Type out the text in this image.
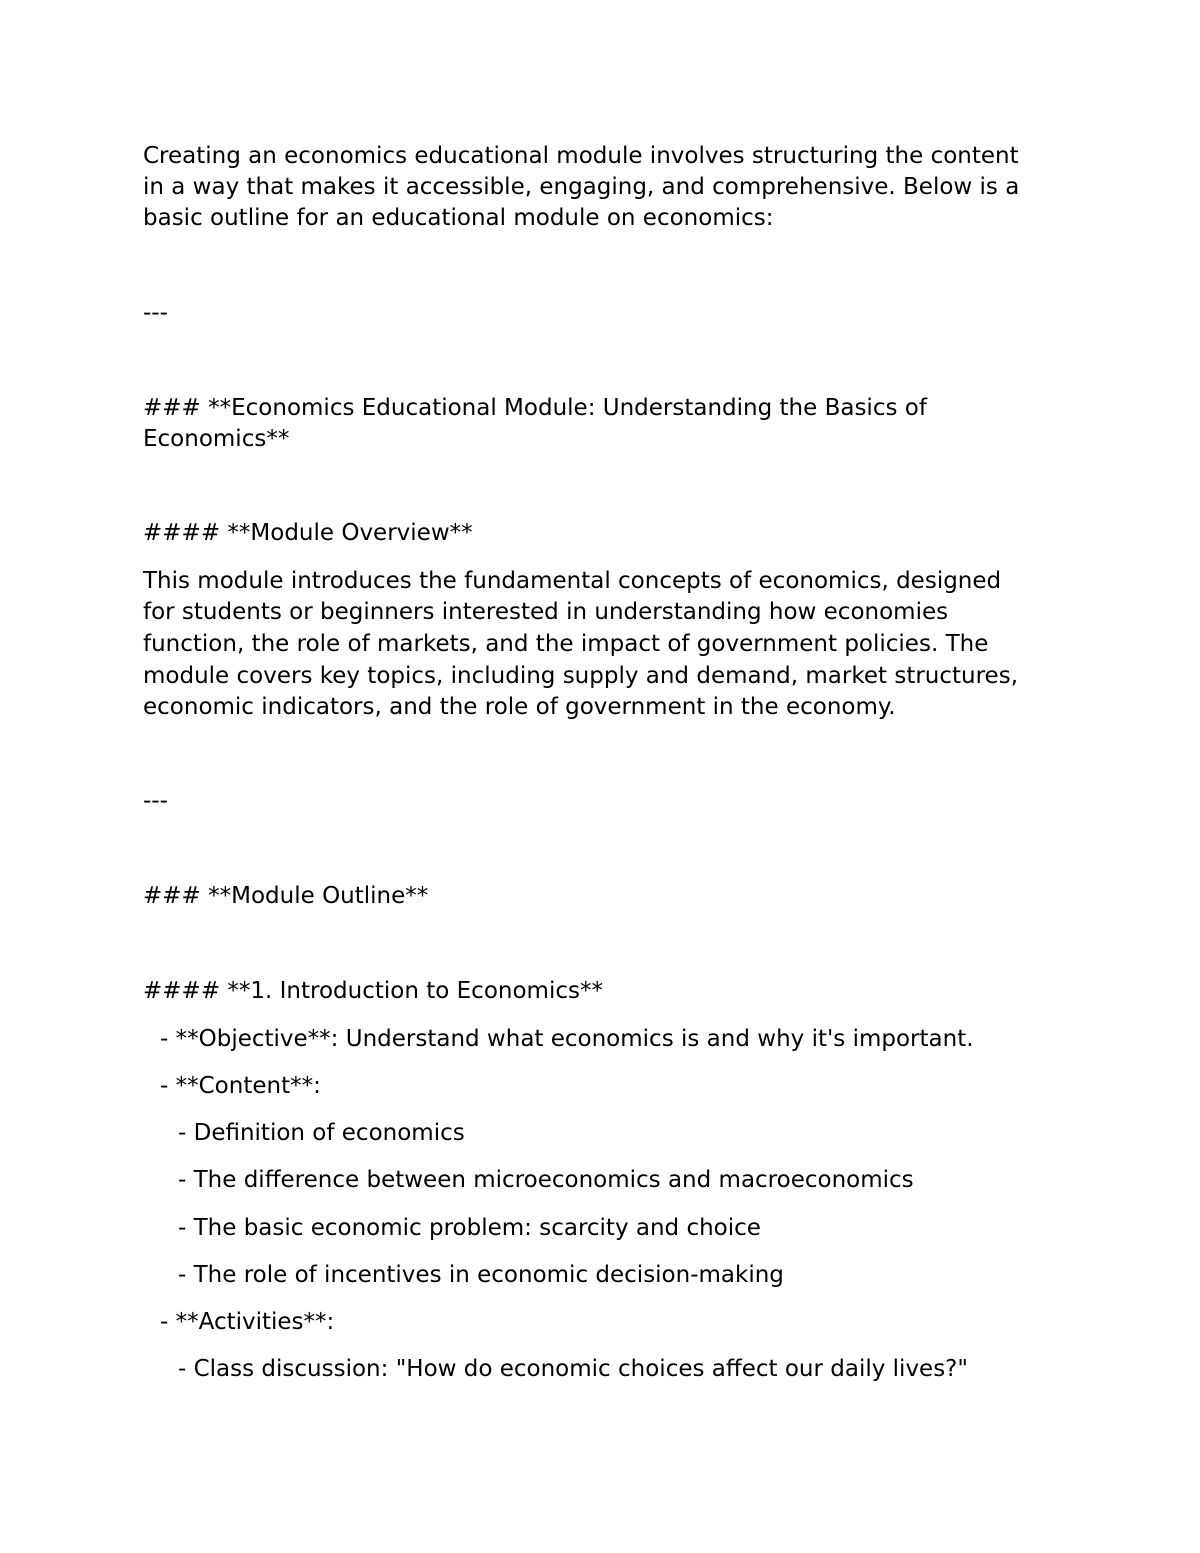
Creating an economics educational module involves structuring the content

in a way that makes it accessible, engaging, and comprehensive. Below is a

basic outline for an educational module on economics:

---

### **Economics Educational Module: Understanding the Basics of

Economics**

#### **Module Overview**

This module introduces the fundamental concepts of economics, designed

for students or beginners interested in understanding how economies

function, the role of markets, and the impact of government policies. The

module covers key topics, including supply and demand, market structures,

economic indicators, and the role of government in the economy.

---

### **Module Outline**

#### **1. Introduction to Economics**

- **Objective**: Understand what economics is and why it's important.

- **Content**:

- Definition of economics

- The difference between microeconomics and macroeconomics

- The basic economic problem: scarcity and choice

- The role of incentives in economic decision-making

- **Activities**:

- Class discussion: "How do economic choices affect our daily lives?"
